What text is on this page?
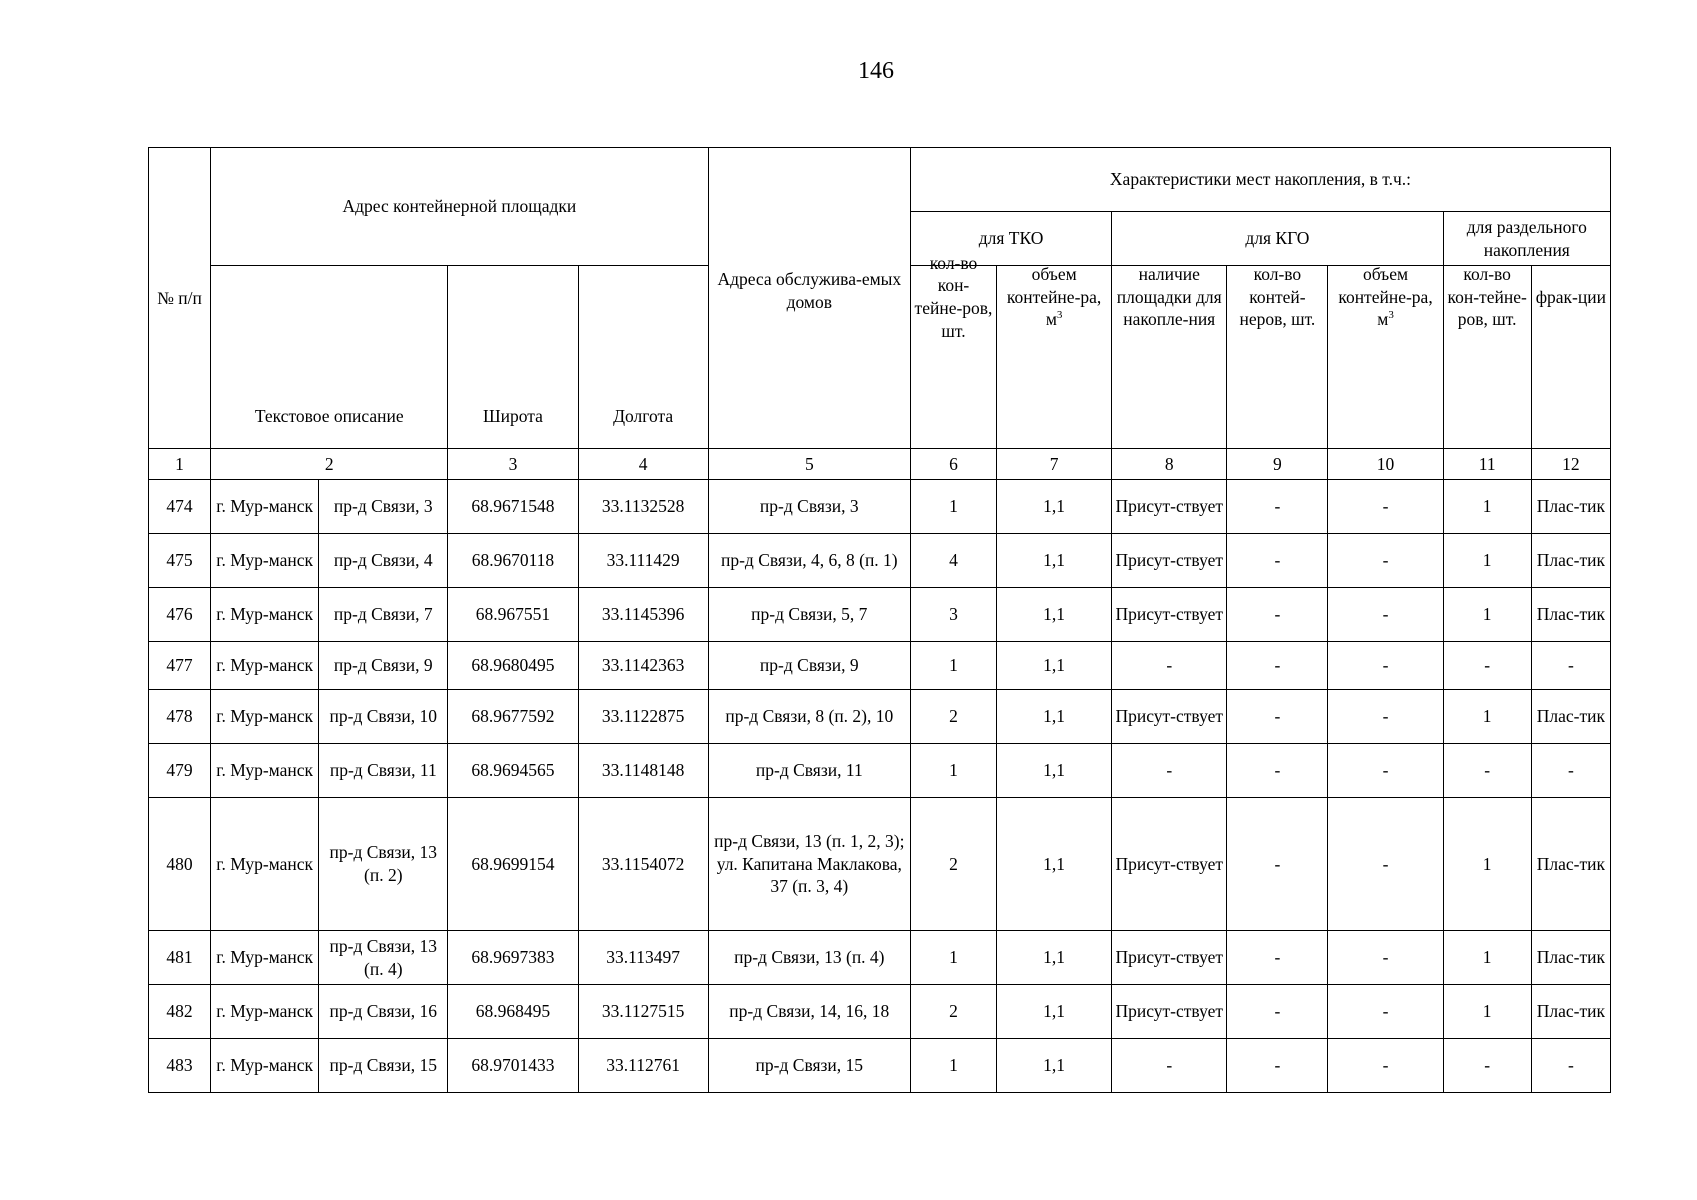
146
№ п/п	Адрес контейнерной площадки				Адреса обслужива-емых домов	Характеристики мест накопления, в т.ч.:						
						для ТКО		для КГО			для раздельного накопления	
	Текстовое описание		Широта	Долгота		кол-во кон-тейне-ров, шт.	объем контейне-ра, $м^3$	наличие площадки для накопле-ния	кол-во контей-неров, шт.	объем контейне-ра, $м^3$	кол-во кон-тейне-ров, шт.	фрак-ции
1	2		3	4	5	6	7	8	9	10	11	12
474	г. Мур-манск	пр-д Связи, 3	68.9671548	33.1132528	пр-д Связи, 3	1	1,1	Присут-ствует	-	-	1	Плас-тик
475	г. Мур-манск	пр-д Связи, 4	68.9670118	33.111429	пр-д Связи, 4, 6, 8 (п. 1)	4	1,1	Присут-ствует	-	-	1	Плас-тик
476	г. Мур-манск	пр-д Связи, 7	68.967551	33.1145396	пр-д Связи, 5, 7	3	1,1	Присут-ствует	-	-	1	Плас-тик
477	г. Мур-манск	пр-д Связи, 9	68.9680495	33.1142363	пр-д Связи, 9	1	1,1	-	-	-	-	-
478	г. Мур-манск	пр-д Связи, 10	68.9677592	33.1122875	пр-д Связи, 8 (п. 2), 10	2	1,1	Присут-ствует	-	-	1	Плас-тик
479	г. Мур-манск	пр-д Связи, 11	68.9694565	33.1148148	пр-д Связи, 11	1	1,1	-	-	-	-	-
480	г. Мур-манск	пр-д Связи, 13 (п. 2)	68.9699154	33.1154072	пр-д Связи, 13 (п. 1, 2, 3); ул. Капитана Маклакова, 37 (п. 3, 4)	2	1,1	Присут-ствует	-	-	1	Плас-тик
481	г. Мур-манск	пр-д Связи, 13 (п. 4)	68.9697383	33.113497	пр-д Связи, 13 (п. 4)	1	1,1	Присут-ствует	-	-	1	Плас-тик
482	г. Мур-манск	пр-д Связи, 16	68.968495	33.1127515	пр-д Связи, 14, 16, 18	2	1,1	Присут-ствует	-	-	1	Плас-тик
483	г. Мур-манск	пр-д Связи, 15	68.9701433	33.112761	пр-д Связи, 15	1	1,1	-	-	-	-	-
